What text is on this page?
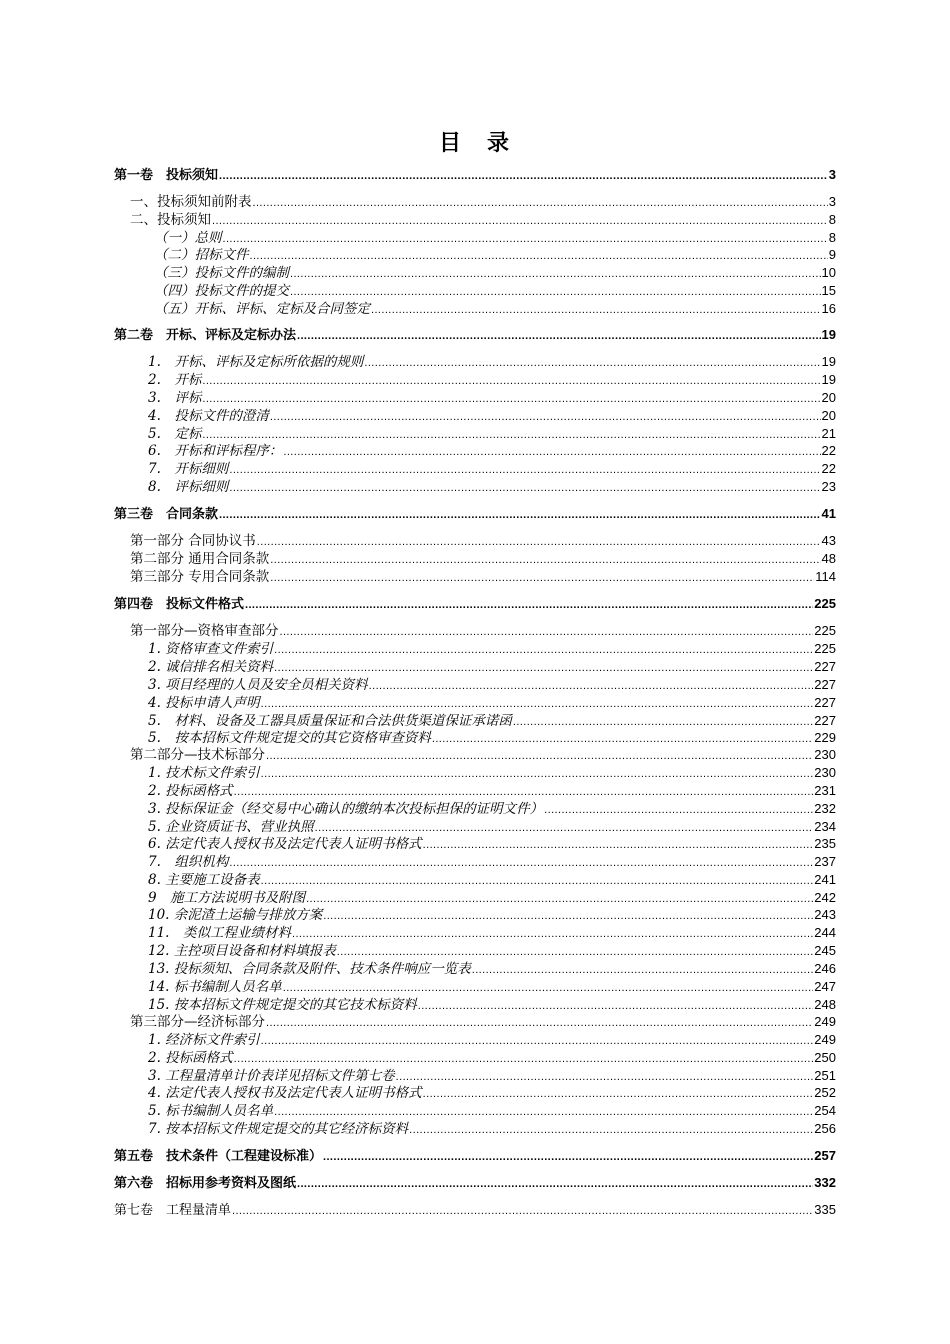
目　录
第一卷　投标须知 .....	3
一、投标须知前附表 .....	3
二、投标须知 .....	8
（一）总则 .....	8
（二）招标文件 .....	9
（三）投标文件的编制 .....	10
（四）投标文件的提交 .....	15
（五）开标、评标、定标及合同签定 .....	16
第二卷　开标、评标及定标办法 .....	19
1.　开标、评标及定标所依据的规则 .....	19
2.　开标 .....	19
3.　评标 .....	20
4.　投标文件的澄清 .....	20
5.　定标 .....	21
6.　开标和评标程序： .....	22
7.　开标细则 .....	22
8.　评标细则 .....	23
第三卷　合同条款 .....	41
第一部分 合同协议书 .....	43
第二部分 通用合同条款 .....	48
第三部分 专用合同条款 .....	114
第四卷　投标文件格式 .....	225
第一部分—资格审查部分 .....	225
1. 资格审查文件索引 .....	225
2. 诚信排名相关资料 .....	227
3. 项目经理的人员及安全员相关资料 .....	227
4. 投标申请人声明 .....	227
5.　材料、设备及工器具质量保证和合法供货渠道保证承诺函 .....	227
5.　按本招标文件规定提交的其它资格审查资料 .....	229
第二部分—技术标部分 .....	230
1. 技术标文件索引 .....	230
2. 投标函格式 .....	231
3. 投标保证金（经交易中心确认的缴纳本次投标担保的证明文件） .....	232
5. 企业资质证书、营业执照 .....	234
6. 法定代表人授权书及法定代表人证明书格式 .....	235
7.　组织机构 .....	237
8. 主要施工设备表 .....	241
9　施工方法说明书及附图 .....	242
10. 余泥渣土运输与排放方案 .....	243
11.　类似工程业绩材料 .....	244
12. 主控项目设备和材料填报表 .....	245
13. 投标须知、合同条款及附件、技术条件响应一览表 .....	246
14. 标书编制人员名单 .....	247
15. 按本招标文件规定提交的其它技术标资料 .....	248
第三部分—经济标部分 .....	249
1. 经济标文件索引 .....	249
2. 投标函格式 .....	250
3. 工程量清单计价表详见招标文件第七卷 .....	251
4. 法定代表人授权书及法定代表人证明书格式 .....	252
5. 标书编制人员名单 .....	254
7. 按本招标文件规定提交的其它经济标资料 .....	256
第五卷　技术条件（工程建设标准） .....	257
第六卷　招标用参考资料及图纸 .....	332
第七卷　工程量清单 .....	335
